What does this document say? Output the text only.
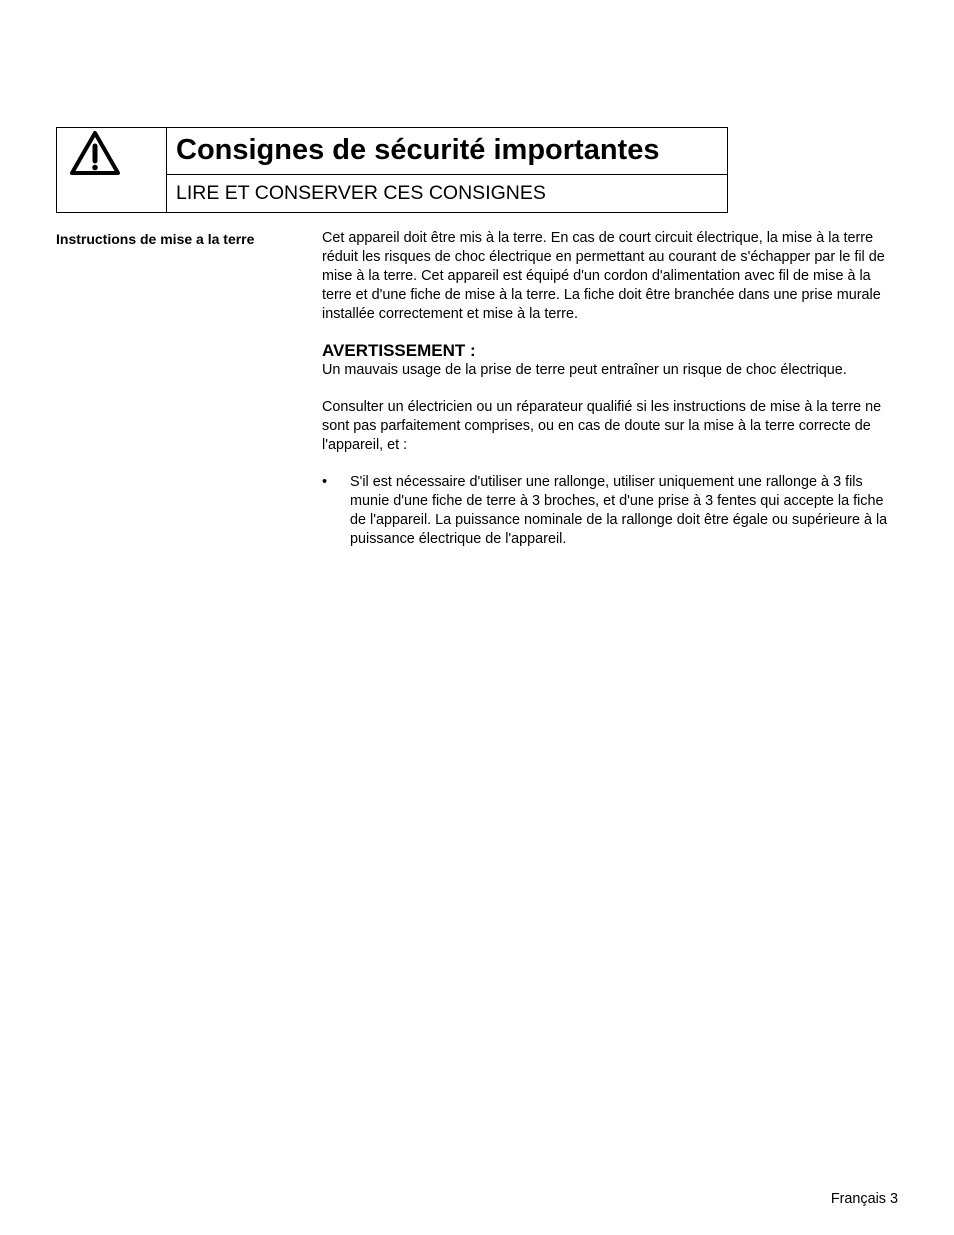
Consignes de sécurité importantes
LIRE ET CONSERVER CES CONSIGNES
Instructions de mise a la terre	Cet appareil doit être mis à la terre. En cas de court circuit électrique, la mise à la terre réduit les risques de choc électrique en permettant au courant de s'échapper par le fil de mise à la terre. Cet appareil est équipé d'un cordon d'alimentation avec fil de mise à la terre et d'une fiche de mise à la terre. La fiche doit être branchée dans une prise murale installée correctement et mise à la terre.

AVERTISSEMENT :

Un mauvais usage de la prise de terre peut entraîner un risque de choc électrique.

Consulter un électricien ou un réparateur qualifié si les instructions de mise à la terre ne sont pas parfaitement comprises, ou en cas de doute sur la mise à la terre correcte de l'appareil, et :

•	S'il est nécessaire d'utiliser une rallonge, utiliser uniquement une rallonge à 3 fils munie d'une fiche de terre à 3 broches, et d'une prise à 3 fentes qui accepte la fiche de l'appareil. La puissance nominale de la rallonge doit être égale ou supérieure à la puissance électrique de l'appareil.
Français 3
